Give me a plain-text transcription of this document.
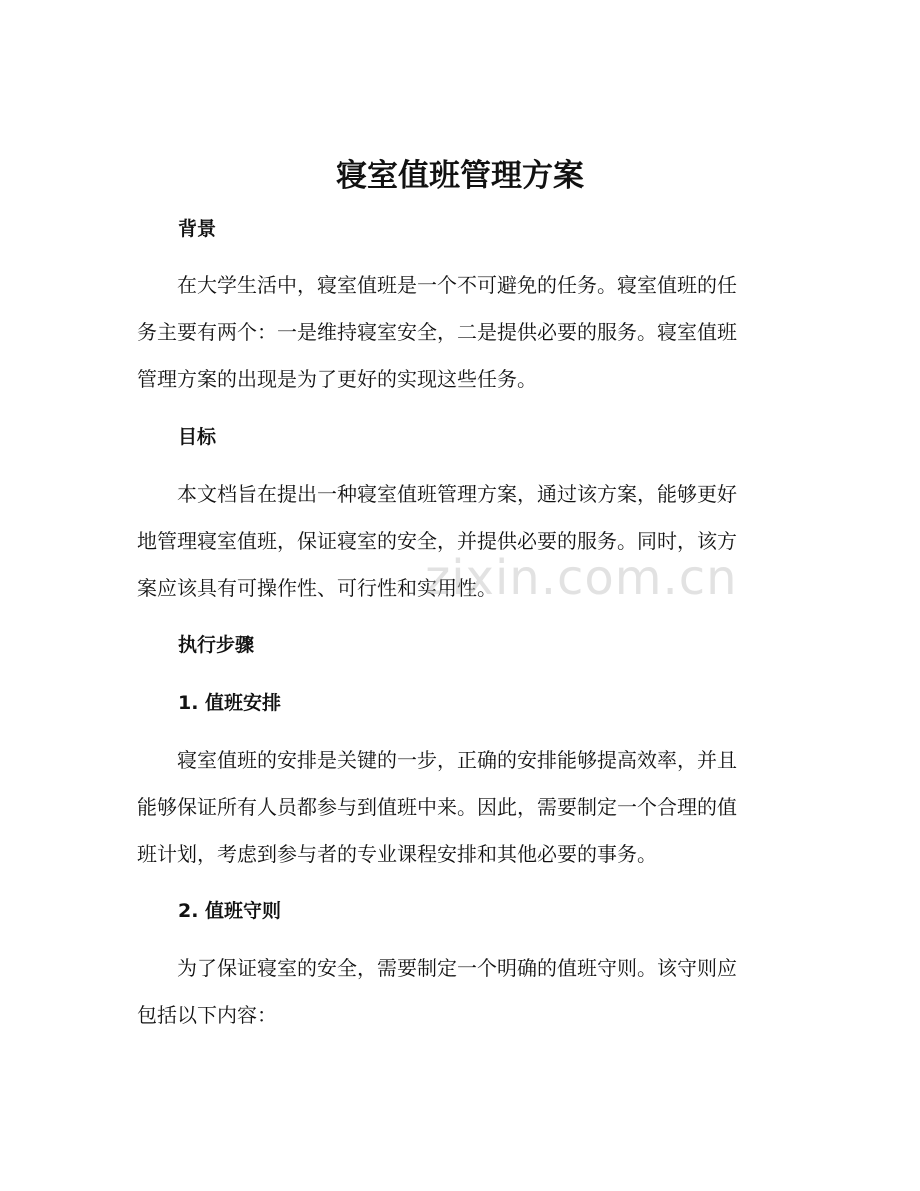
寝室值班管理方案
背景

在大学生活中，寝室值班是一个不可避免的任务。寝室值班的任
务主要有两个：一是维持寝室安全，二是提供必要的服务。寝室值班
管理方案的出现是为了更好的实现这些任务。

目标

本文档旨在提出一种寝室值班管理方案，通过该方案，能够更好
地管理寝室值班，保证寝室的安全，并提供必要的服务。同时，该方
案应该具有可操作性、可行性和实用性。

执行步骤
1. 值班安排

寝室值班的安排是关键的一步，正确的安排能够提高效率，并且
能够保证所有人员都参与到值班中来。因此，需要制定一个合理的值
班计划，考虑到参与者的专业课程安排和其他必要的事务。

2. 值班守则

为了保证寝室的安全，需要制定一个明确的值班守则。该守则应
包括以下内容：

zixin.com.cn
